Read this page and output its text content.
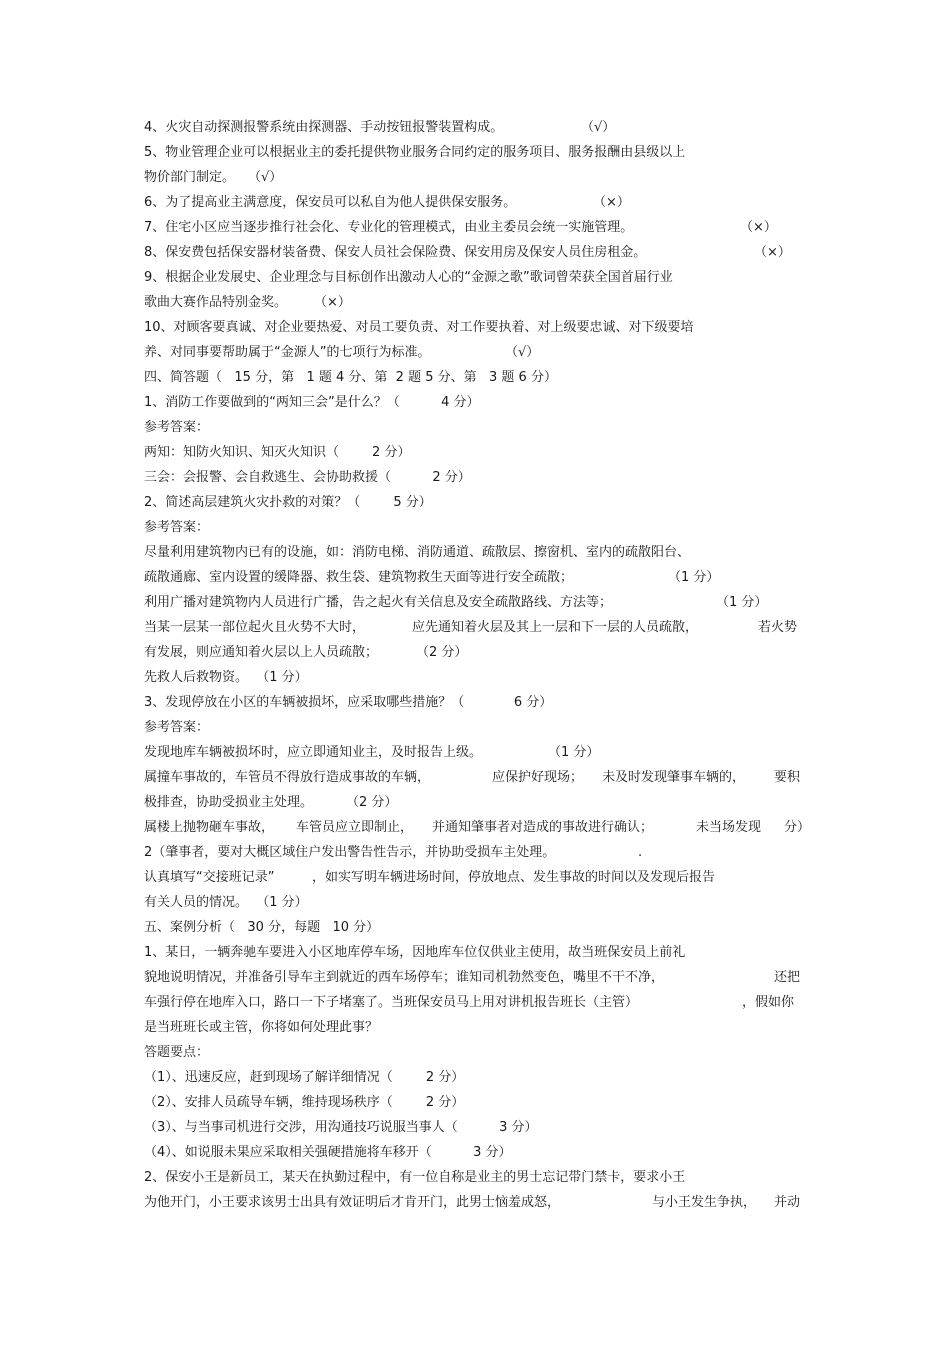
4、火灾自动探测报警系统由探测器、手动按钮报警装置构成。	（√）
5、物业管理企业可以根据业主的委托提供物业服务合同约定的服务项目、服务报酬由县级以上
物价部门制定。 （√）
6、为了提高业主满意度，保安员可以私自为他人提供保安服务。	（×）
7、住宅小区应当逐步推行社会化、专业化的管理模式，由业主委员会统一实施管理。	（×）
8、保安费包括保安器材装备费、保安人员社会保险费、保安用房及保安人员住房租金。	（×）
9、根据企业发展史、企业理念与目标创作出激动人心的“金源之歌”歌词曾荣获全国首届行业
歌曲大赛作品特别金奖。 （×）
10、对顾客要真诚、对企业要热爱、对员工要负责、对工作要执着、对上级要忠诚、对下级要培
养、对同事要帮助属于“金源人”的七项行为标准。	（√）
四、简答题（   15 分，第   1 题 4 分、第  2 题 5 分、第   3 题 6 分）
1、消防工作要做到的“两知三会”是什么？（          4 分）
参考答案：
两知：知防火知识、知灭火知识（        2 分）
三会：会报警、会自救逃生、会协助救援（          2 分）
2、简述高层建筑火灾扑救的对策？（        5 分）
参考答案：
尽量利用建筑物内已有的设施，如：消防电梯、消防通道、疏散层、擦窗机、室内的疏散阳台、
疏散通廊、室内设置的缓降器、救生袋、建筑物救生天面等进行安全疏散；	（1 分）
利用广播对建筑物内人员进行广播，告之起火有关信息及安全疏散路线、方法等；	（1 分）
当某一层某一部位起火且火势不大时，	应先通知着火层及其上一层和下一层的人员疏散，	若火势
有发展，则应通知着火层以上人员疏散；	（2 分）
先救人后救物资。  （1 分）
3、发现停放在小区的车辆被损坏，应采取哪些措施？（            6 分）
参考答案：
发现地库车辆被损坏时，应立即通知业主，及时报告上级。	（1 分）
属撞车事故的，车管员不得放行造成事故的车辆，	应保护好现场； 未及时发现肇事车辆的， 要积
极排查，协助受损业主处理。	（2 分）
属楼上抛物砸车事故， 车管员应立即制止， 并通知肇事者对造成的事故进行确认；	未当场发现 分）
2（肇事者，要对大概区域住户发出警告性告示，并协助受损车主处理。	.
认真填写“交接班记录”	，如实写明车辆进场时间，停放地点、发生事故的时间以及发现后报告
有关人员的情况。  （1 分）
五、案例分析（   30 分，每题   10 分）
1、某日，一辆奔驰车要进入小区地库停车场，因地库车位仅供业主使用，故当班保安员上前礼
貌地说明情况，并准备引导车主到就近的西车场停车；谁知司机勃然变色，嘴里不干不净，	还把
车强行停在地库入口，路口一下子堵塞了。当班保安员马上用对讲机报告班长（主管）	，假如你
是当班班长或主管，你将如何处理此事？
答题要点：
（1）、迅速反应，赶到现场了解详细情况（        2 分）
（2）、安排人员疏导车辆，维持现场秩序（        2 分）
（3）、与当事司机进行交涉，用沟通技巧说服当事人（          3 分）
（4）、如说服未果应采取相关强硬措施将车移开（          3 分）
2、保安小王是新员工，某天在执勤过程中，有一位自称是业主的男士忘记带门禁卡，要求小王
为他开门，小王要求该男士出具有效证明后才肯开门，此男士恼羞成怒，	与小王发生争执， 并动
